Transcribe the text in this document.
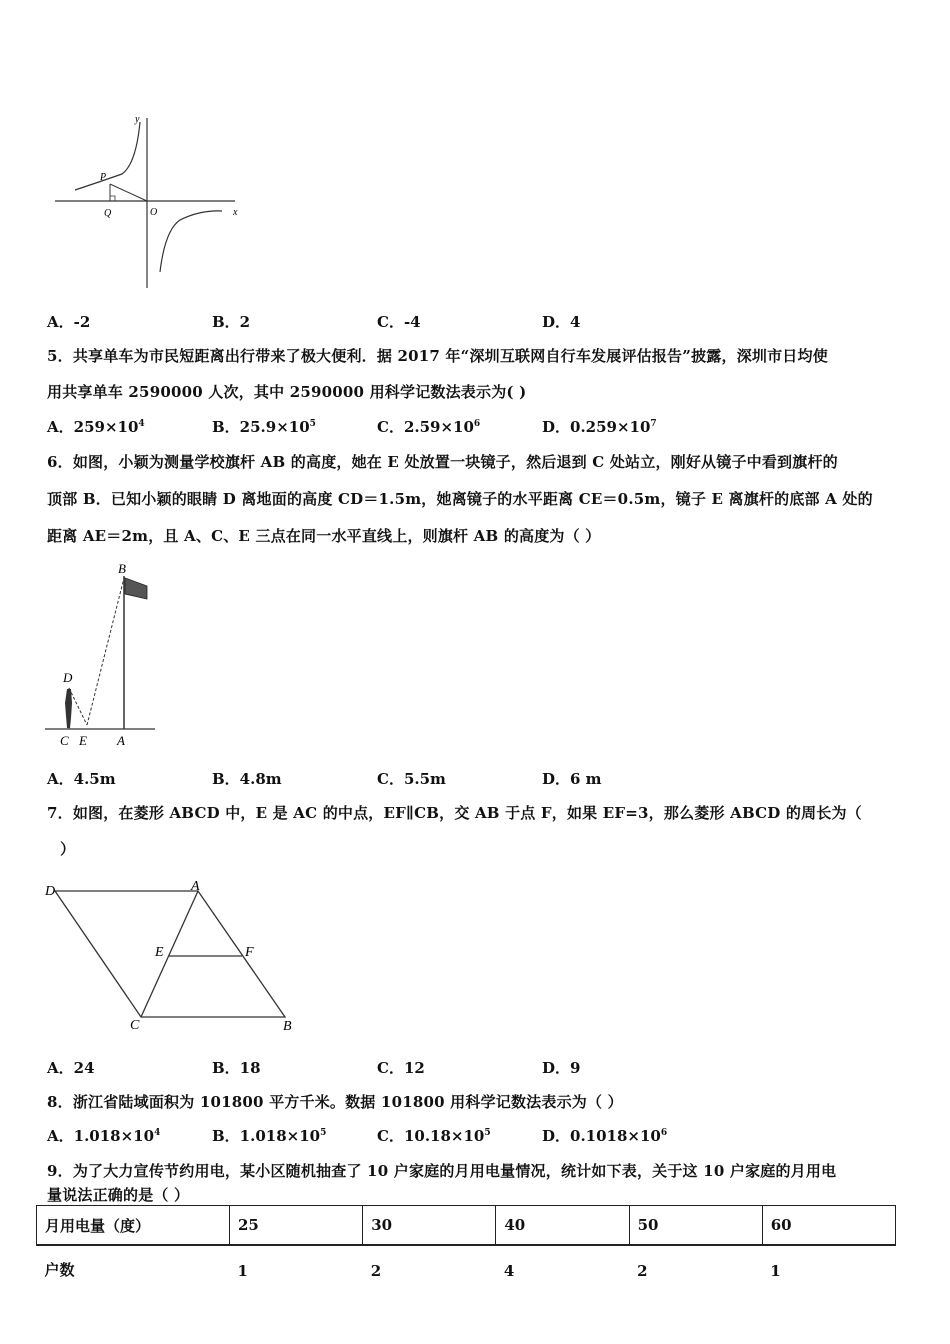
y
P
Q	O	x
A．-2	B．2	C．-4	D．4
5．共享单车为市民短距离出行带来了极大便利．据 2017 年“深圳互联网自行车发展评估报告”披露，深圳市日均使
用共享单车 2590000 人次，其中 2590000 用科学记数法表示为( )
A．$259\times 10^4$	B．$25.9\times 10^5$	C．$2.59\times 10^6$	D．$0.259\times 10^7$
6．如图，小颖为测量学校旗杆 AB 的高度，她在 E 处放置一块镜子，然后退到 C 处站立，刚好从镜子中看到旗杆的
顶部 B．已知小颖的眼睛 D 离地面的高度 CD＝1.5m，她离镜子的水平距离 CE＝0.5m，镜子 E 离旗杆的底部 A 处的
距离 AE＝2m，且 A、C、E 三点在同一水平直线上，则旗杆 AB 的高度为（ ）
B
D
C E A
A．4.5m	B．4.8m	C．5.5m	D．6 m
7．如图，在菱形 ABCD 中，E 是 AC 的中点，EF∥CB，交 AB 于点 F，如果 EF=3，那么菱形 ABCD 的周长为（
）
D	A
E	F
C	B
A．24	B．18	C．12	D．9
8．浙江省陆域面积为 101800 平方千米。数据 101800 用科学记数法表示为（ ）
A．$1.018\times 10^4$	B．$1.018\times 10^5$	C．$10.18\times 10^5$	D．$0.1018\times 10^6$
9．为了大力宣传节约用电，某小区随机抽查了 10 户家庭的月用电量情况，统计如下表，关于这 10 户家庭的月用电
量说法正确的是（ ）
月用电量（度）	25	30	40	50	60
户数	1	2	4	2	1
